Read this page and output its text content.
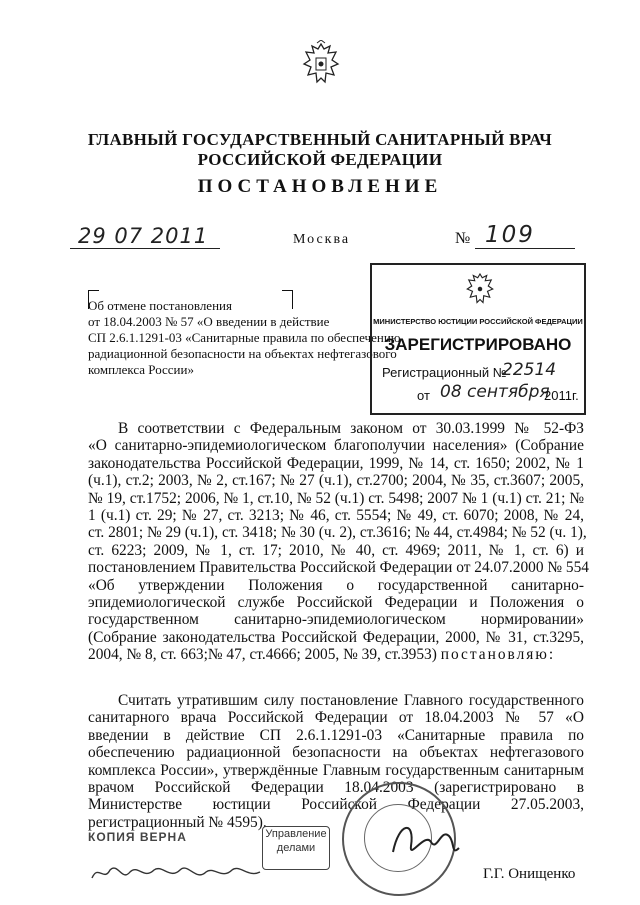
ГЛАВНЫЙ ГОСУДАРСТВЕННЫЙ САНИТАРНЫЙ ВРАЧ
РОССИЙСКОЙ ФЕДЕРАЦИИ
ПОСТАНОВЛЕНИЕ
29 07 2011	Москва	№ 109
Об отмене постановления
от 18.04.2003 № 57 «О введении в действие
СП 2.6.1.1291-03 «Санитарные правила по обеспечению
радиационной безопасности на объектах нефтегазового
комплекса России»
МИНИСТЕРСТВО ЮСТИЦИИ РОССИЙСКОЙ ФЕДЕРАЦИИ
ЗАРЕГИСТРИРОВАНО
Регистрационный №
22514
от 08 сентября
2011г.
В соответствии с Федеральным законом от 30.03.1999 № 52-ФЗ
«О санитарно-эпидемиологическом благополучии населения» (Собрание
законодательства Российской Федерации, 1999, № 14, ст. 1650; 2002, № 1
(ч.1), ст.2; 2003, № 2, ст.167; № 27 (ч.1), ст.2700; 2004, № 35, ст.3607; 2005,
№ 19, ст.1752; 2006, № 1, ст.10, № 52 (ч.1) ст. 5498; 2007 № 1 (ч.1) ст. 21; №
1 (ч.1) ст. 29; № 27, ст. 3213; № 46, ст. 5554; № 49, ст. 6070; 2008, № 24,
ст. 2801; № 29 (ч.1), ст. 3418; № 30 (ч. 2), ст.3616; № 44, ст.4984; № 52 (ч. 1),
ст. 6223; 2009, № 1, ст. 17; 2010, № 40, ст. 4969; 2011, № 1, ст. 6) и
постановлением Правительства Российской Федерации от 24.07.2000 № 554
«Об утверждении Положения о государственной санитарно-
эпидемиологической службе Российской Федерации и Положения о
государственном санитарно-эпидемиологическом нормировании»
(Собрание законодательства Российской Федерации, 2000, № 31, ст.3295,
2004, № 8, ст. 663;№ 47, ст.4666; 2005, № 39, ст.3953) постановляю:
Считать утратившим силу постановление Главного государственного
санитарного врача Российской Федерации от 18.04.2003 № 57 «О
введении в действие СП 2.6.1.1291-03 «Санитарные правила по
обеспечению радиационной безопасности на объектах нефтегазового
комплекса России», утверждённые Главным государственным санитарным
врачом Российской Федерации 18.04.2003 (зарегистрировано в
Министерстве юстиции Российской Федерации 27.05.2003,
регистрационный № 4595).
КОПИЯ ВЕРНА	Управление
делами
Г.Г. Онищенко
